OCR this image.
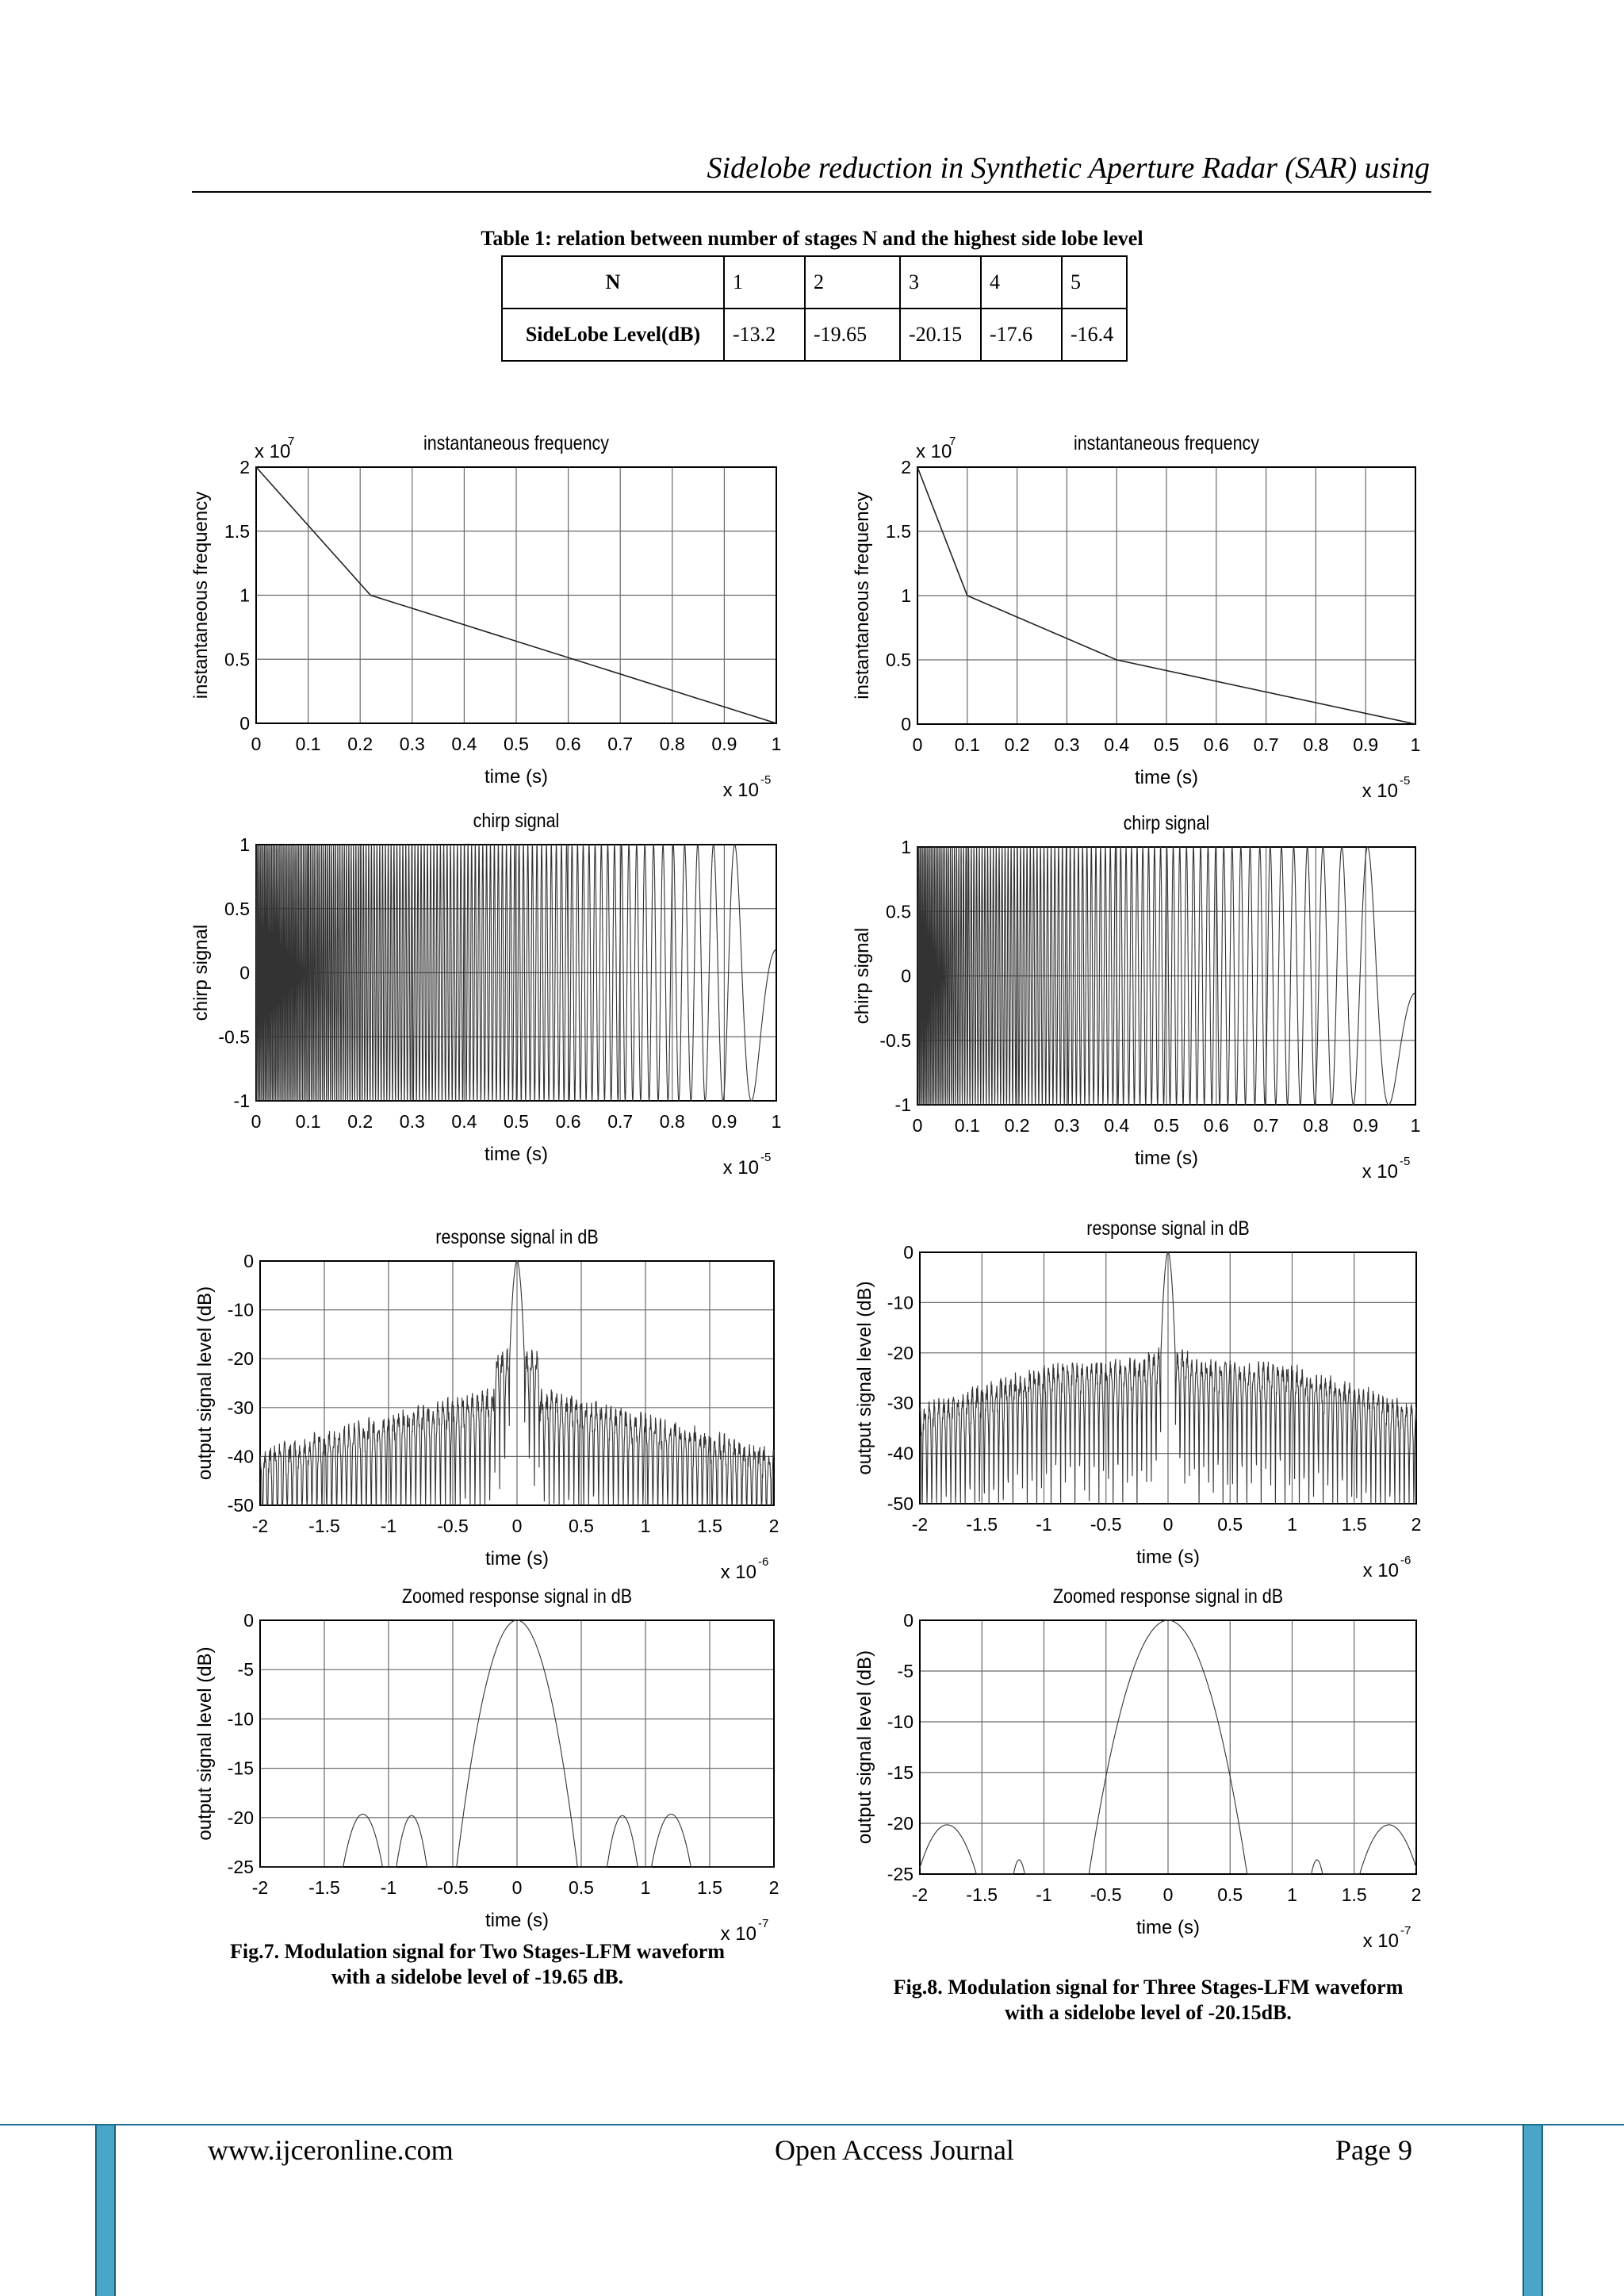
Sidelobe reduction in Synthetic Aperture Radar (SAR) using
Table 1: relation between number of stages N and the highest side lobe level
N	1	2	3	4	5
SideLobe Level(dB)	-13.2	-19.65	-20.15	-17.6	-16.4
0 0.1 0.2 0.3 0.4 0.5 0.6 0.7 0.8 0.9 1
0
0.5
1
1.5
2
instantaneous frequency
time (s)
instantaneous frequency
x 10 -5
x 10
7
0 0.1 0.2 0.3 0.4 0.5 0.6 0.7 0.8 0.9 1
-1
-0.5
0
0.5
1
chirp signal
time (s)
chirp signal
x 10 -5
-2 -1.5 -1 -0.5 0	0.5	1	1.5	2
-50
-40
-30
-20
-10
0
response signal in dB
time (s)
output signal level (dB)
x 10 -6
-2 -1.5 -1 -0.5 0	0.5	1	1.5	2
-25
-20
-15
-10
-5
0
Zoomed response signal in dB
time (s)
output signal level (dB)
x 10 -7
0 0.1 0.2 0.3 0.4 0.5 0.6 0.7 0.8 0.9 1
0
0.5
1
1.5
2
instantaneous frequency
time (s)
instantaneous frequency
x 10 -5
x 10
7
0 0.1 0.2 0.3 0.4 0.5 0.6 0.7 0.8 0.9 1
-1
-0.5
0
0.5
1
chirp signal
time (s)
chirp signal
x 10 -5
-2 -1.5 -1 -0.5 0 0.5 1 1.5 2
-50
-40
-30
-20
-10
0
response signal in dB
time (s)
output signal level (dB)
x 10 -6
-2 -1.5 -1 -0.5 0 0.5 1 1.5 2
-25
-20
-15
-10
-5
0
Zoomed response signal in dB
time (s)
output signal level (dB)
x 10 -7
Fig.7. Modulation signal for Two Stages-LFM waveform
with a sidelobe level of -19.65 dB.	Fig.8. Modulation signal for Three Stages-LFM waveform
with a sidelobe level of -20.15dB.
www.ijceronline.com	Open Access Journal	Page 9
